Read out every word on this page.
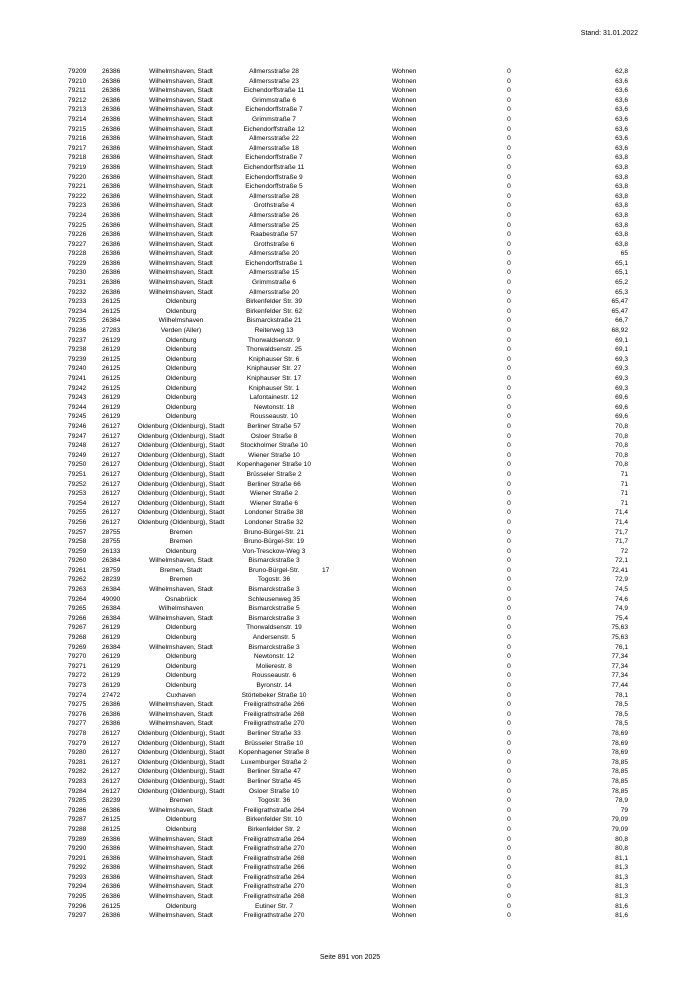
Stand: 31.01.2022
79209	26386	Wilhelmshaven, Stadt	Allmersstraße 28		Wohnen	0	62,8
79210	26386	Wilhelmshaven, Stadt	Allmersstraße 23		Wohnen	0	63,6
79211	26386	Wilhelmshaven, Stadt	Eichendorffstraße 11		Wohnen	0	63,6
79212	26386	Wilhelmshaven, Stadt	Grimmstraße 6		Wohnen	0	63,6
79213	26386	Wilhelmshaven, Stadt	Eichendorffstraße 7		Wohnen	0	63,6
79214	26386	Wilhelmshaven, Stadt	Grimmstraße 7		Wohnen	0	63,6
79215	26386	Wilhelmshaven, Stadt	Eichendorffstraße 12		Wohnen	0	63,6
79216	26386	Wilhelmshaven, Stadt	Allmersstraße 22		Wohnen	0	63,6
79217	26386	Wilhelmshaven, Stadt	Allmersstraße 18		Wohnen	0	63,6
79218	26386	Wilhelmshaven, Stadt	Eichendorffstraße 7		Wohnen	0	63,8
79219	26386	Wilhelmshaven, Stadt	Eichendorffstraße 11		Wohnen	0	63,8
79220	26386	Wilhelmshaven, Stadt	Eichendorffstraße 9		Wohnen	0	63,8
79221	26386	Wilhelmshaven, Stadt	Eichendorffstraße 5		Wohnen	0	63,8
79222	26386	Wilhelmshaven, Stadt	Allmersstraße 28		Wohnen	0	63,8
79223	26386	Wilhelmshaven, Stadt	Grothstraße 4		Wohnen	0	63,8
79224	26386	Wilhelmshaven, Stadt	Allmersstraße 26		Wohnen	0	63,8
79225	26386	Wilhelmshaven, Stadt	Allmersstraße 25		Wohnen	0	63,8
79226	26386	Wilhelmshaven, Stadt	Raabestraße 57		Wohnen	0	63,8
79227	26386	Wilhelmshaven, Stadt	Grothstraße 6		Wohnen	0	63,8
79228	26386	Wilhelmshaven, Stadt	Allmersstraße 20		Wohnen	0	65
79229	26386	Wilhelmshaven, Stadt	Eichendorffstraße 1		Wohnen	0	65,1
79230	26386	Wilhelmshaven, Stadt	Allmersstraße 15		Wohnen	0	65,1
79231	26386	Wilhelmshaven, Stadt	Grimmstraße 6		Wohnen	0	65,2
79232	26386	Wilhelmshaven, Stadt	Allmersstraße 20		Wohnen	0	65,3
79233	26125	Oldenburg	Birkenfelder Str. 39		Wohnen	0	65,47
79234	26125	Oldenburg	Birkenfelder Str. 62		Wohnen	0	65,47
79235	26384	Wilhelmshaven	Bismarckstraße 21		Wohnen	0	66,7
79236	27283	Verden (Aller)	Reiterweg 13		Wohnen	0	68,92
79237	26129	Oldenburg	Thorwaldsenstr. 9		Wohnen	0	69,1
79238	26129	Oldenburg	Thorwaldsenstr. 25		Wohnen	0	69,1
79239	26125	Oldenburg	Kniphauser Str. 6		Wohnen	0	69,3
79240	26125	Oldenburg	Kniphauser Str. 27		Wohnen	0	69,3
79241	26125	Oldenburg	Kniphauser Str. 17		Wohnen	0	69,3
79242	26125	Oldenburg	Kniphauser Str. 1		Wohnen	0	69,3
79243	26129	Oldenburg	Lafontainestr. 12		Wohnen	0	69,6
79244	26129	Oldenburg	Newtonstr. 18		Wohnen	0	69,6
79245	26129	Oldenburg	Rousseaustr. 10		Wohnen	0	69,6
79246	26127	Oldenburg (Oldenburg), Stadt	Berliner Straße 57		Wohnen	0	70,8
79247	26127	Oldenburg (Oldenburg), Stadt	Osloer Straße 8		Wohnen	0	70,8
79248	26127	Oldenburg (Oldenburg), Stadt	Stockholmer Straße 10		Wohnen	0	70,8
79249	26127	Oldenburg (Oldenburg), Stadt	Wiener Straße 10		Wohnen	0	70,8
79250	26127	Oldenburg (Oldenburg), Stadt	Kopenhagener Straße 10		Wohnen	0	70,8
79251	26127	Oldenburg (Oldenburg), Stadt	Brüsseler Straße 2		Wohnen	0	71
79252	26127	Oldenburg (Oldenburg), Stadt	Berliner Straße 66		Wohnen	0	71
79253	26127	Oldenburg (Oldenburg), Stadt	Wiener Straße 2		Wohnen	0	71
79254	26127	Oldenburg (Oldenburg), Stadt	Wiener Straße 6		Wohnen	0	71
79255	26127	Oldenburg (Oldenburg), Stadt	Londoner Straße 38		Wohnen	0	71,4
79256	26127	Oldenburg (Oldenburg), Stadt	Londoner Straße 32		Wohnen	0	71,4
79257	28755	Bremen	Bruno-Bürgel-Str. 21		Wohnen	0	71,7
79258	28755	Bremen	Bruno-Bürgel-Str. 19		Wohnen	0	71,7
79259	26133	Oldenburg	Von-Tresckow-Weg 3		Wohnen	0	72
79260	26384	Wilhelmshaven, Stadt	Bismarckstraße 3		Wohnen	0	72,1
79261	28759	Bremen, Stadt	Bruno-Bürgel-Str.	17	Wohnen	0	72,41
79262	28239	Bremen	Togostr. 36		Wohnen	0	72,9
79263	26384	Wilhelmshaven, Stadt	Bismarckstraße 3		Wohnen	0	74,5
79264	49090	Osnabrück	Schleusenweg 35		Wohnen	0	74,6
79265	26384	Wilhelmshaven	Bismarckstraße 5		Wohnen	0	74,9
79266	26384	Wilhelmshaven, Stadt	Bismarckstraße 3		Wohnen	0	75,4
79267	26129	Oldenburg	Thorwaldsenstr. 19		Wohnen	0	75,63
79268	26129	Oldenburg	Andersenstr. 5		Wohnen	0	75,63
79269	26384	Wilhelmshaven, Stadt	Bismarckstraße 3		Wohnen	0	76,1
79270	26129	Oldenburg	Newtonstr. 12		Wohnen	0	77,34
79271	26129	Oldenburg	Molierestr. 8		Wohnen	0	77,34
79272	26129	Oldenburg	Rousseaustr. 6		Wohnen	0	77,34
79273	26129	Oldenburg	Byronstr. 14		Wohnen	0	77,44
79274	27472	Cuxhaven	Störtebeker Straße 10		Wohnen	0	78,1
79275	26386	Wilhelmshaven, Stadt	Freiligrathstraße 266		Wohnen	0	78,5
79276	26386	Wilhelmshaven, Stadt	Freiligrathstraße 268		Wohnen	0	78,5
79277	26386	Wilhelmshaven, Stadt	Freiligrathstraße 270		Wohnen	0	78,5
79278	26127	Oldenburg (Oldenburg), Stadt	Berliner Straße 33		Wohnen	0	78,69
79279	26127	Oldenburg (Oldenburg), Stadt	Brüsseler Straße 10		Wohnen	0	78,69
79280	26127	Oldenburg (Oldenburg), Stadt	Kopenhagener Straße 8		Wohnen	0	78,69
79281	26127	Oldenburg (Oldenburg), Stadt	Luxemburger Straße 2		Wohnen	0	78,85
79282	26127	Oldenburg (Oldenburg), Stadt	Berliner Straße 47		Wohnen	0	78,85
79283	26127	Oldenburg (Oldenburg), Stadt	Berliner Straße 45		Wohnen	0	78,85
79284	26127	Oldenburg (Oldenburg), Stadt	Osloer Straße 10		Wohnen	0	78,85
79285	28239	Bremen	Togostr. 36		Wohnen	0	78,9
79286	26386	Wilhelmshaven, Stadt	Freiligrathstraße 264		Wohnen	0	79
79287	26125	Oldenburg	Birkenfelder Str. 10		Wohnen	0	79,09
79288	26125	Oldenburg	Birkenfelder Str. 2		Wohnen	0	79,09
79289	26386	Wilhelmshaven, Stadt	Freiligrathstraße 264		Wohnen	0	80,8
79290	26386	Wilhelmshaven, Stadt	Freiligrathstraße 270		Wohnen	0	80,8
79291	26386	Wilhelmshaven, Stadt	Freiligrathstraße 268		Wohnen	0	81,1
79292	26386	Wilhelmshaven, Stadt	Freiligrathstraße 266		Wohnen	0	81,3
79293	26386	Wilhelmshaven, Stadt	Freiligrathstraße 264		Wohnen	0	81,3
79294	26386	Wilhelmshaven, Stadt	Freiligrathstraße 270		Wohnen	0	81,3
79295	26386	Wilhelmshaven, Stadt	Freiligrathstraße 268		Wohnen	0	81,3
79296	26125	Oldenburg	Eutiner Str. 7		Wohnen	0	81,6
79297	26386	Wilhelmshaven, Stadt	Freiligrathstraße 270		Wohnen	0	81,6
Seite 891 von 2025
